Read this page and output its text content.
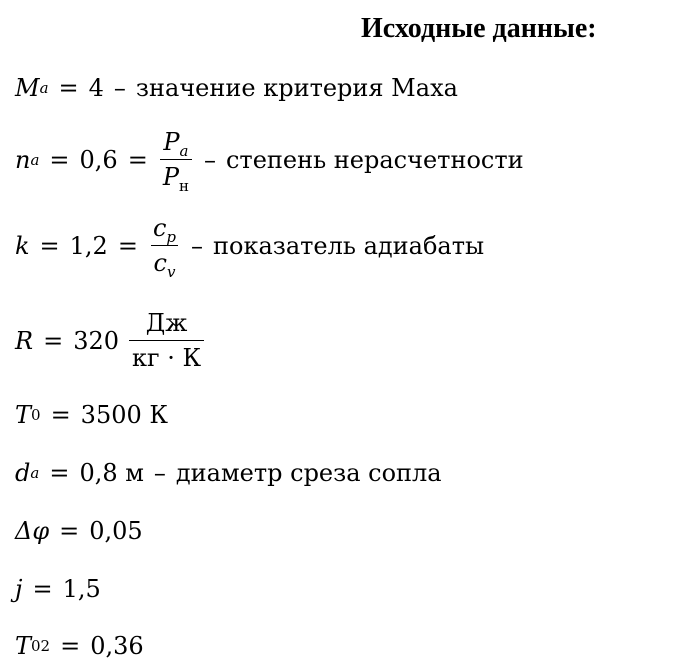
Исходные данные:
M a = 4 – значение критерия Маха
n $a = 0,6 = \frac{P_a}{P_н}$ – степень нерасчетности
$k = 1,2 = \frac{c_p}{c_v}$ – показатель адиабаты
$R = 320 \frac{Дж}{кг \cdot К}$
T 0 = 3500 К
d a = 0,8 м – диаметр среза сопла
Δφ = 0,05
j = 1,5
T 02 = 0,36
